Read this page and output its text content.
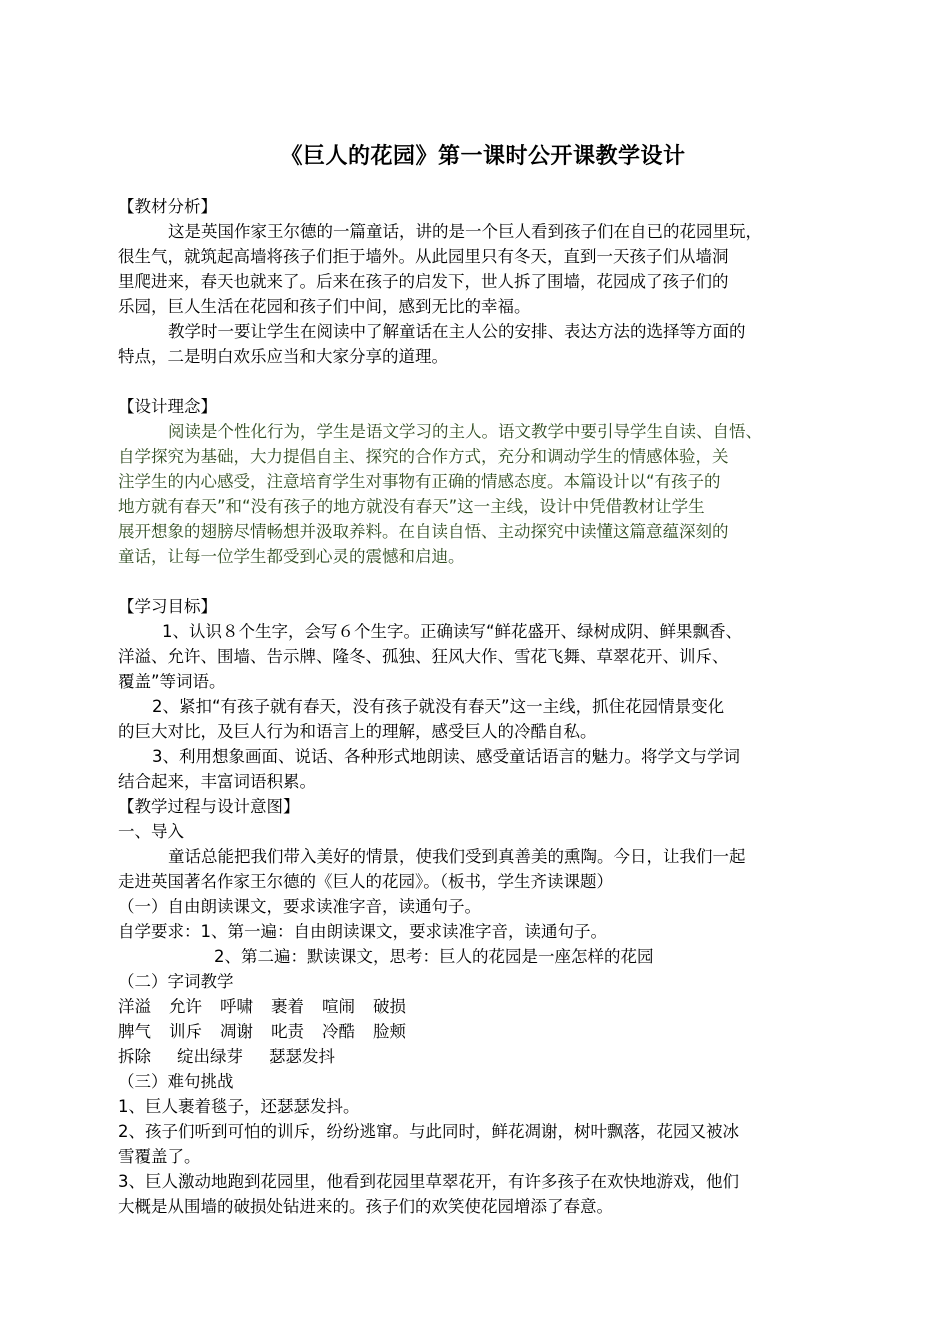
《巨人的花园》第一课时公开课教学设计
【教材分析】
这是英国作家王尔德的一篇童话，讲的是一个巨人看到孩子们在自已的花园里玩，
很生气，就筑起高墙将孩子们拒于墙外。从此园里只有冬天，直到一天孩子们从墙洞
里爬进来，春天也就来了。后来在孩子的启发下，世人拆了围墙，花园成了孩子们的
乐园，巨人生活在花园和孩子们中间，感到无比的幸福。
教学时一要让学生在阅读中了解童话在主人公的安排、表达方法的选择等方面的
特点，二是明白欢乐应当和大家分享的道理。
【设计理念】
阅读是个性化行为，学生是语文学习的主人。语文教学中要引导学生自读、自悟、
自学探究为基础，大力提倡自主、探究的合作方式，充分和调动学生的情感体验，关
注学生的内心感受，注意培育学生对事物有正确的情感态度。本篇设计以“有孩子的
地方就有春天”和“没有孩子的地方就没有春天”这一主线，设计中凭借教材让学生
展开想象的翅膀尽情畅想并汲取养料。在自读自悟、主动探究中读懂这篇意蕴深刻的
童话，让每一位学生都受到心灵的震憾和启迪。
【学习目标】
1、认识８个生字，会写６个生字。正确读写“鲜花盛开、绿树成阴、鲜果飘香、
洋溢、允许、围墙、告示牌、隆冬、孤独、狂风大作、雪花飞舞、草翠花开、训斥、
覆盖”等词语。
2、紧扣“有孩子就有春天，没有孩子就没有春天”这一主线，抓住花园情景变化
的巨大对比，及巨人行为和语言上的理解，感受巨人的冷酷自私。
3、利用想象画面、说话、各种形式地朗读、感受童话语言的魅力。将学文与学词
结合起来，丰富词语积累。
【教学过程与设计意图】
一、导入
童话总能把我们带入美好的情景，使我们受到真善美的熏陶。今日，让我们一起
走进英国著名作家王尔德的《巨人的花园》。（板书，学生齐读课题）
（一）自由朗读课文，要求读准字音，读通句子。
自学要求：1、第一遍：自由朗读课文，要求读准字音，读通句子。
2、第二遍：默读课文，思考：巨人的花园是一座怎样的花园
（二）字词教学
洋溢 允许 呼啸 裹着 喧闹 破损
脾气 训斥 凋谢 叱责 冷酷 脸颊
拆除 绽出绿芽 瑟瑟发抖
（三）难句挑战
1、巨人裹着毯子，还瑟瑟发抖。
2、孩子们听到可怕的训斥，纷纷逃窜。与此同时，鲜花凋谢，树叶飘落，花园又被冰
雪覆盖了。
3、巨人激动地跑到花园里，他看到花园里草翠花开，有许多孩子在欢快地游戏，他们
大概是从围墙的破损处钻进来的。孩子们的欢笑使花园增添了春意。
